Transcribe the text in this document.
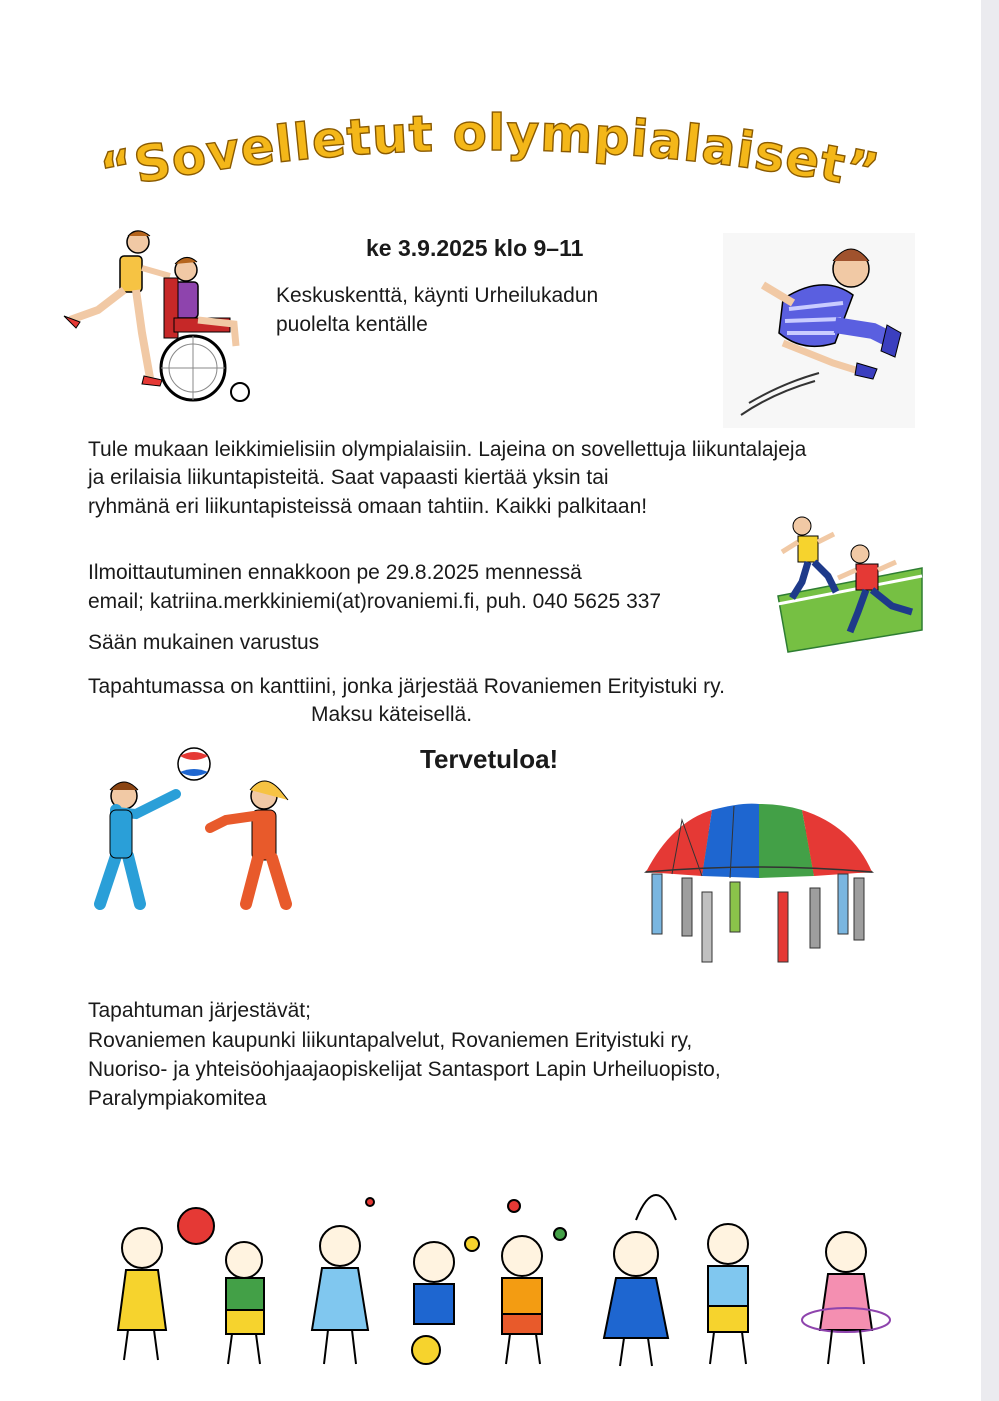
“Sovelletut olympialaiset”
ke 3.9.2025 klo 9–11
Keskuskenttä, käynti Urheilukadun
puolelta kentälle
Tule mukaan leikkimielisiin olympialaisiin. Lajeina on sovellettuja liikuntalajeja
ja erilaisia liikuntapisteitä. Saat vapaasti kiertää yksin tai
ryhmänä eri liikuntapisteissä omaan tahtiin. Kaikki palkitaan!
Ilmoittautuminen ennakkoon pe 29.8.2025 mennessä
email; katriina.merkkiniemi(at)rovaniemi.fi, puh. 040 5625 337
Sään mukainen varustus
Tapahtumassa on kanttiini, jonka järjestää Rovaniemen Erityistuki ry.
Maksu käteisellä.
Tervetuloa!
Tapahtuman järjestävät;
Rovaniemen kaupunki liikuntapalvelut, Rovaniemen Erityistuki ry,
Nuoriso- ja yhteisöohjaajaopiskelijat Santasport Lapin Urheiluopisto,
Paralympiakomitea
